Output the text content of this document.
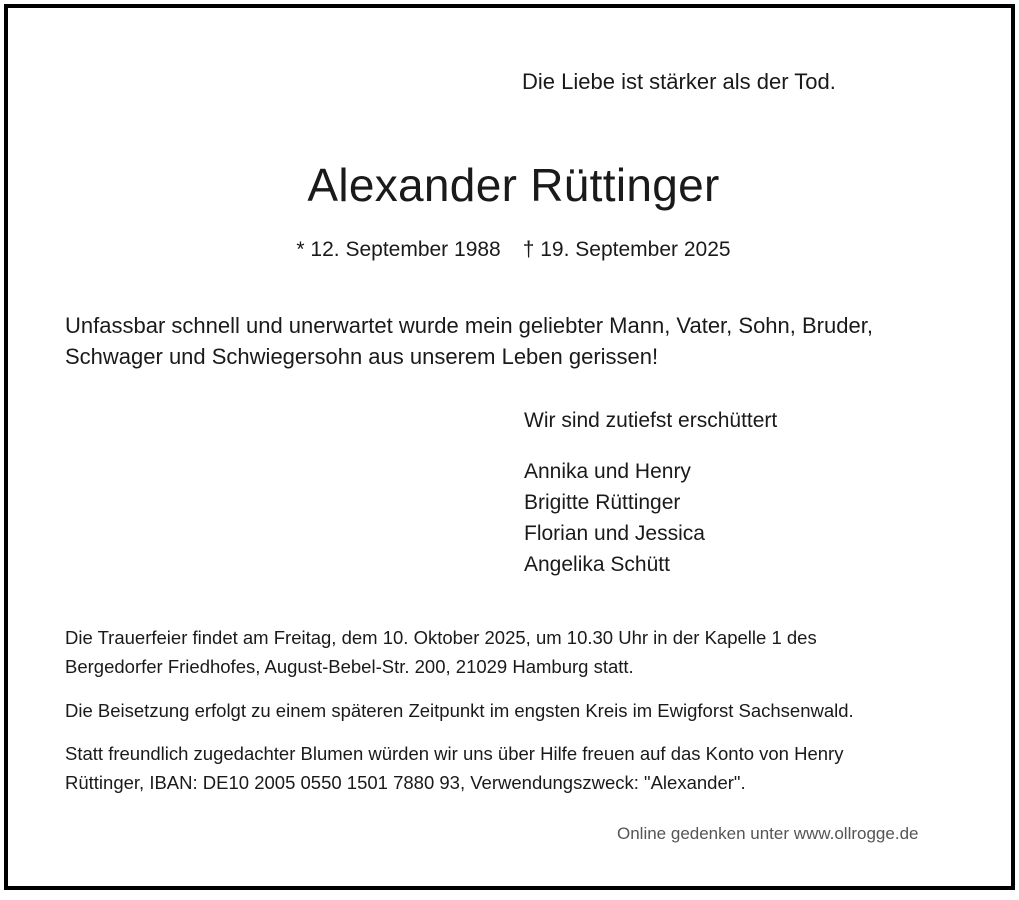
Die Liebe ist stärker als der Tod.
Alexander Rüttinger
* 12. September 1988 † 19. September 2025
Unfassbar schnell und unerwartet wurde mein geliebter Mann, Vater, Sohn, Bruder,
Schwager und Schwiegersohn aus unserem Leben gerissen!
Wir sind zutiefst erschüttert
Annika und Henry
Brigitte Rüttinger
Florian und Jessica
Angelika Schütt
Die Trauerfeier findet am Freitag, dem 10. Oktober 2025, um 10.30 Uhr in der Kapelle 1 des
Bergedorfer Friedhofes, August-Bebel-Str. 200, 21029 Hamburg statt.
Die Beisetzung erfolgt zu einem späteren Zeitpunkt im engsten Kreis im Ewigforst Sachsenwald.
Statt freundlich zugedachter Blumen würden wir uns über Hilfe freuen auf das Konto von Henry
Rüttinger, IBAN: DE10 2005 0550 1501 7880 93, Verwendungszweck: "Alexander".
Online gedenken unter www.ollrogge.de
